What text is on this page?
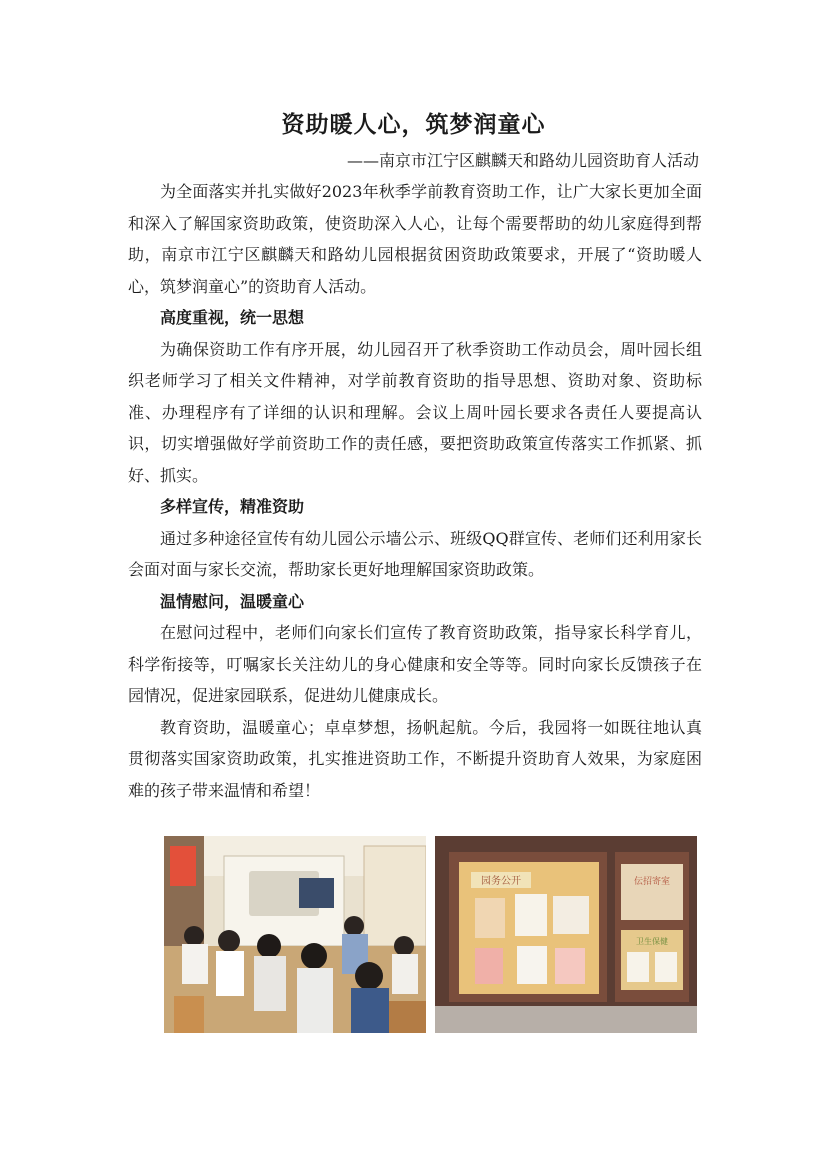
资助暖人心，筑梦润童心
——南京市江宁区麒麟天和路幼儿园资助育人活动

为全面落实并扎实做好2023年秋季学前教育资助工作，让广大家长更加全面和深入了解国家资助政策，使资助深入人心，让每个需要帮助的幼儿家庭得到帮助，南京市江宁区麒麟天和路幼儿园根据贫困资助政策要求，开展了“资助暖人心，筑梦润童心”的资助育人活动。

高度重视，统一思想

为确保资助工作有序开展，幼儿园召开了秋季资助工作动员会，周叶园长组织老师学习了相关文件精神，对学前教育资助的指导思想、资助对象、资助标准、办理程序有了详细的认识和理解。会议上周叶园长要求各责任人要提高认识，切实增强做好学前资助工作的责任感，要把资助政策宣传落实工作抓紧、抓好、抓实。

多样宣传，精准资助

通过多种途径宣传有幼儿园公示墙公示、班级QQ群宣传、老师们还利用家长会面对面与家长交流，帮助家长更好地理解国家资助政策。

温情慰问，温暖童心

在慰问过程中，老师们向家长们宣传了教育资助政策，指导家长科学育儿，科学衔接等，叮嘱家长关注幼儿的身心健康和安全等等。同时向家长反馈孩子在园情况，促进家园联系，促进幼儿健康成长。

教育资助，温暖童心；卓卓梦想，扬帆起航。今后，我园将一如既往地认真贯彻落实国家资助政策，扎实推进资助工作，不断提升资助育人效果，为家庭困难的孩子带来温情和希望！

园务公开	伝招寄室
卫生保健
